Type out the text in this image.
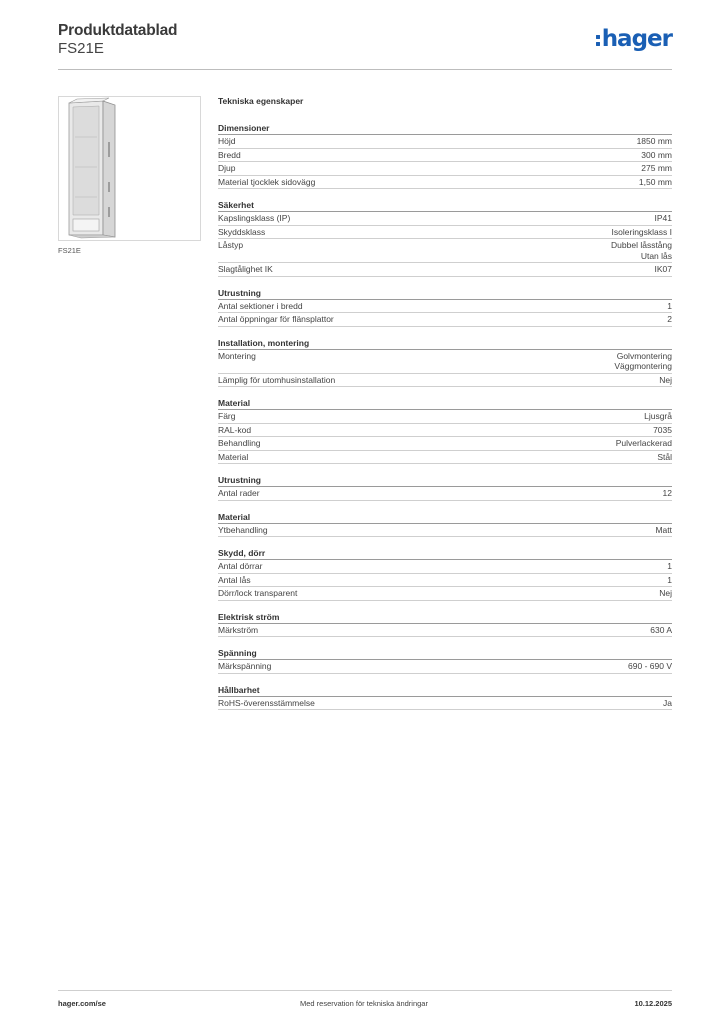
Produktdatablad
FS21E	hager
FS21E
Tekniska egenskaper
Dimensioner
Höjd	1850 mm
Bredd	300 mm
Djup	275 mm
Material tjocklek sidovägg	1,50 mm
Säkerhet
Kapslingsklass (IP)	IP41
Skyddsklass	Isoleringsklass I
Låstyp	Dubbel låsstång
Utan lås
Slagtålighet IK	IK07
Utrustning
Antal sektioner i bredd	1
Antal öppningar för flänsplattor	2
Installation, montering
Montering	Golvmontering
Väggmontering
Lämplig för utomhusinstallation	Nej
Material
Färg	Ljusgrå
RAL-kod	7035
Behandling	Pulverlackerad
Material	Stål
Utrustning
Antal rader	12
Material
Ytbehandling	Matt
Skydd, dörr
Antal dörrar	1
Antal lås	1
Dörr/lock transparent	Nej
Elektrisk ström
Märkström	630 A
Spänning
Märkspänning	690 - 690 V
Hållbarhet
RoHS-överensstämmelse	Ja
hager.com/se	Med reservation för tekniska ändringar	10.12.2025
